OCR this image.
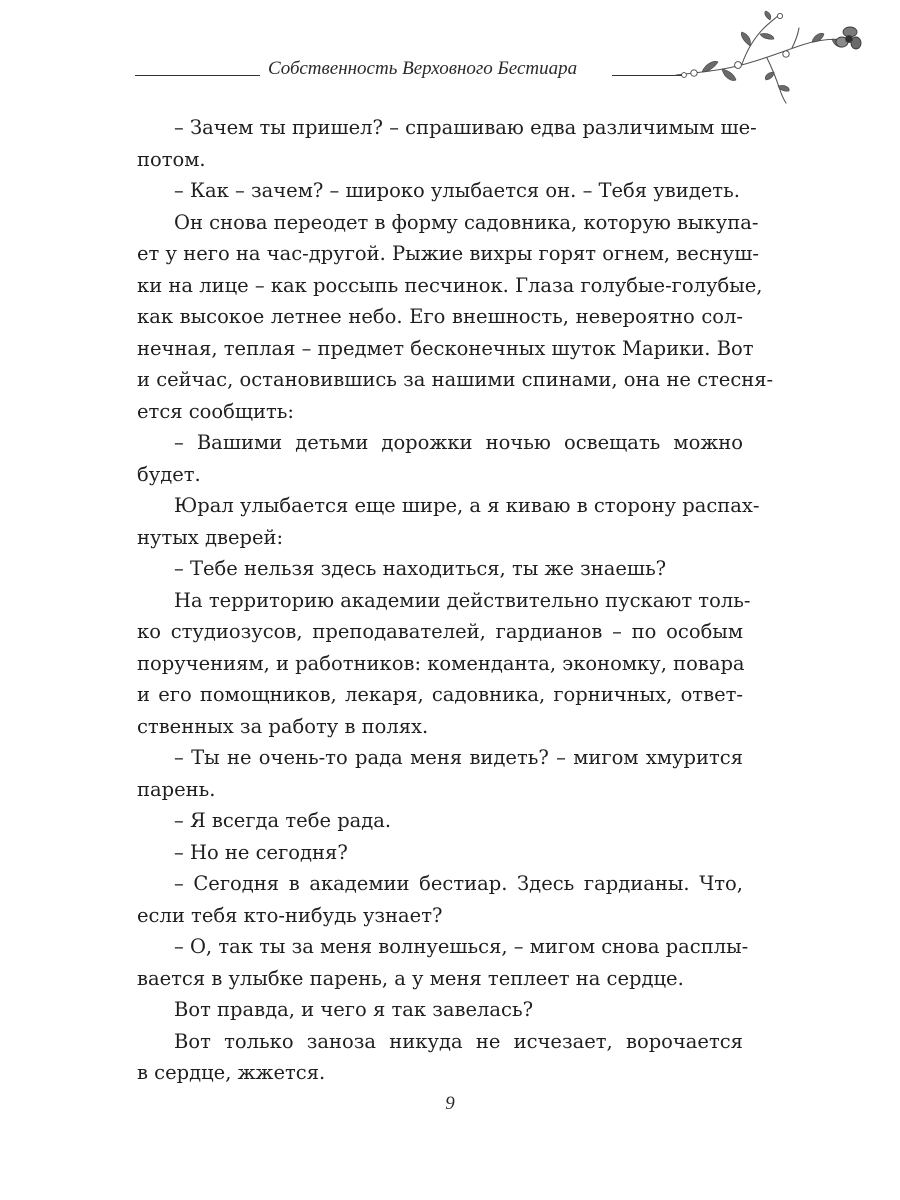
Собственность Верховного Бестиара
– Зачем ты пришел? – спрашиваю едва различимым ше-
потом.
– Как – зачем? – широко улыбается он. – Тебя увидеть.
Он снова переодет в форму садовника, которую выкупа-
ет у него на час-другой. Рыжие вихры горят огнем, веснуш-
ки на лице – как россыпь песчинок. Глаза голубые-голубые,
как высокое летнее небо. Его внешность, невероятно сол-
нечная, теплая – предмет бесконечных шуток Марики. Вот
и сейчас, остановившись за нашими спинами, она не стесня-
ется сообщить:
– Вашими детьми дорожки ночью освещать можно
будет.
Юрал улыбается еще шире, а я киваю в сторону распах-
нутых дверей:
– Тебе нельзя здесь находиться, ты же знаешь?
На территорию академии действительно пускают толь-
ко студиозусов, преподавателей, гардианов – по особым
поручениям, и работников: коменданта, экономку, повара
и его помощников, лекаря, садовника, горничных, ответ-
ственных за работу в полях.
– Ты не очень-то рада меня видеть? – мигом хмурится
парень.
– Я всегда тебе рада.
– Но не сегодня?
– Сегодня в академии бестиар. Здесь гардианы. Что,
если тебя кто-нибудь узнает?
– О, так ты за меня волнуешься, – мигом снова расплы-
вается в улыбке парень, а у меня теплеет на сердце.
Вот правда, и чего я так завелась?
Вот только заноза никуда не исчезает, ворочается
в сердце, жжется.
9
